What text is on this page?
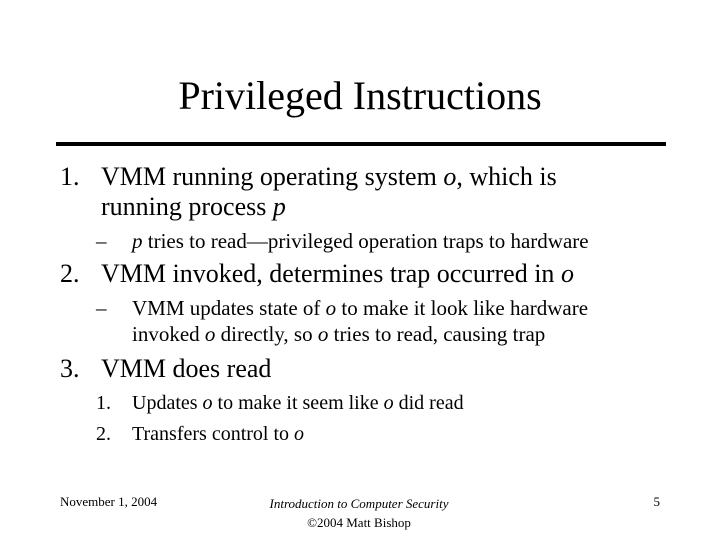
Privileged Instructions
1. VMM running operating system o, which is
running process p
– p tries to read—privileged operation traps to hardware
2. VMM invoked, determines trap occurred in o
– VMM updates state of o to make it look like hardware
invoked o directly, so o tries to read, causing trap
3. VMM does read
1. Updates o to make it seem like o did read
2. Transfers control to o
November 1, 2004	Introduction to Computer Security
©2004 Matt Bishop
5
